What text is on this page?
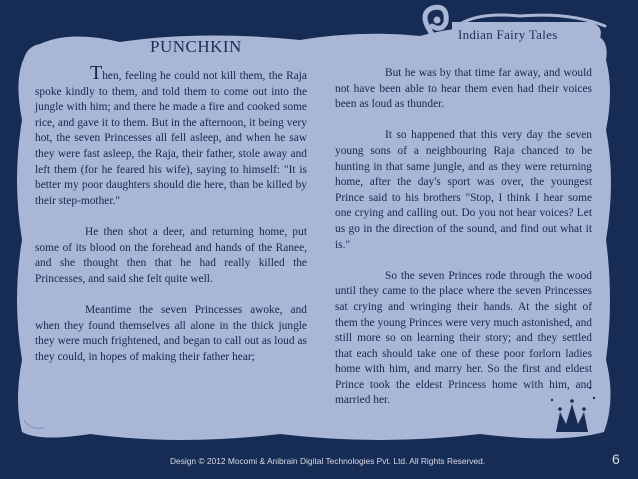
PUNCHKIN
Indian Fairy Tales

Then, feeling he could not kill them, the Raja spoke kindly to them, and told them to come out into the jungle with him; and there he made a fire and cooked some rice, and gave it to them. But in the afternoon, it being very hot, the seven Princesses all fell asleep, and when he saw they were fast asleep, the Raja, their father, stole away and left them (for he feared his wife), saying to himself: "It is better my poor daughters should die here, than be killed by their step-mother."

He then shot a deer, and returning home, put some of its blood on the forehead and hands of the Ranee, and she thought then that he had really killed the Princesses, and said she felt quite well.

Meantime the seven Princesses awoke, and when they found themselves all alone in the thick jungle they were much frightened, and began to call out as loud as they could, in hopes of making their father hear;

But he was by that time far away, and would not have been able to hear them even had their voices been as loud as thunder.

It so happened that this very day the seven young sons of a neighbouring Raja chanced to be hunting in that same jungle, and as they were returning home, after the day's sport was over, the youngest Prince said to his brothers "Stop, I think I hear some one crying and calling out. Do you not hear voices? Let us go in the direction of the sound, and find out what it is."

So the seven Princes rode through the wood until they came to the place where the seven Princesses sat crying and wringing their hands. At the sight of them the young Princes were very much astonished, and still more so on learning their story; and they settled that each should take one of these poor forlorn ladies home with him, and marry her. So the first and eldest Prince took the eldest Princess home with him, and married her.

Design © 2012 Mocomi & Anibrain Digital Technologies Pvt. Ltd. All Rights Reserved.	6
